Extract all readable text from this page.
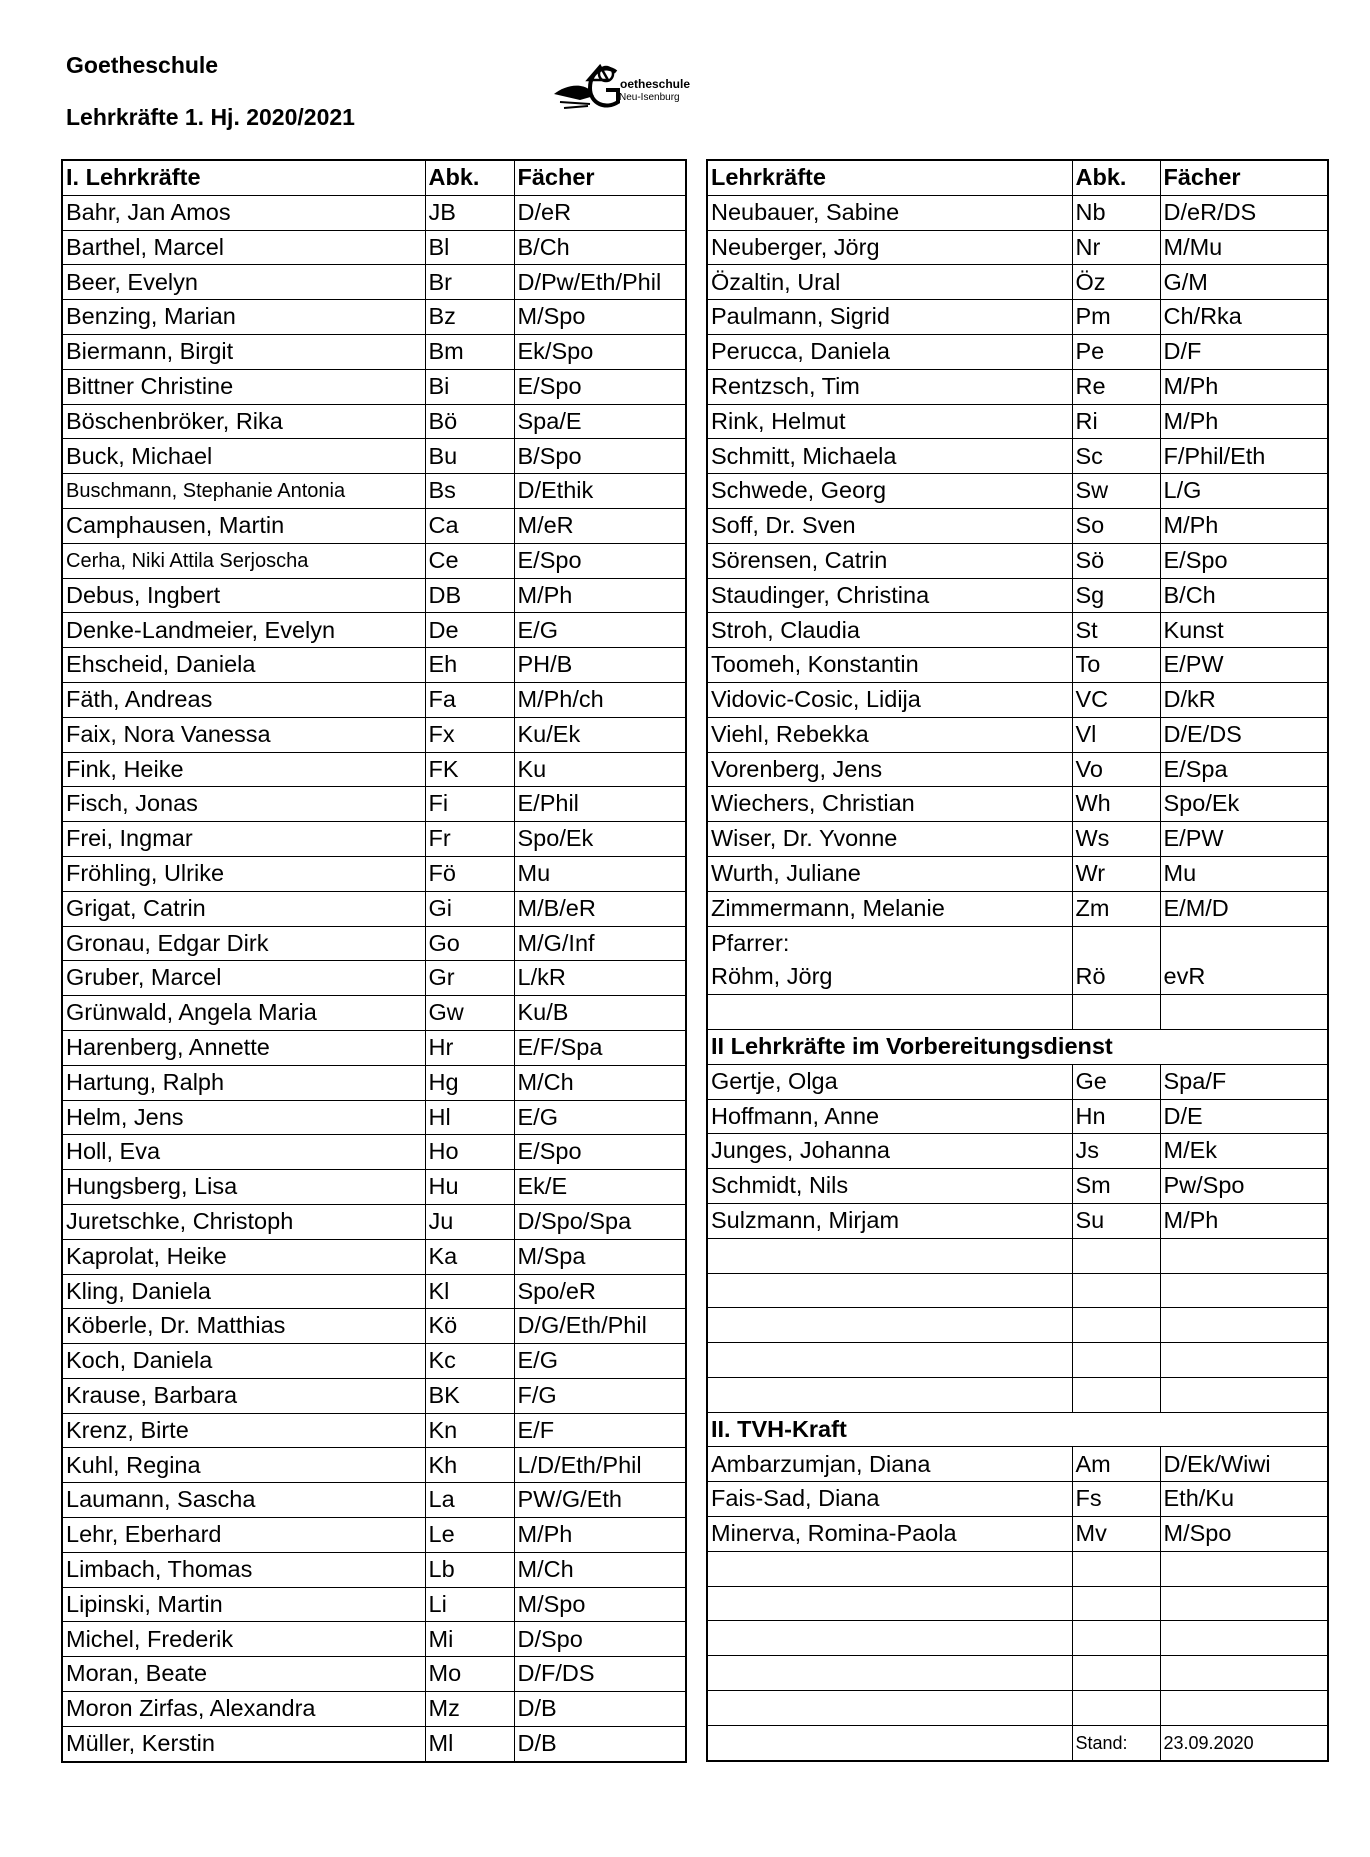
Goetheschule
Lehrkräfte 1. Hj. 2020/2021
oetheschule
Neu-Isenburg
I. Lehrkräfte	Abk.	Fächer
Bahr, Jan Amos	JB	D/eR
Barthel, Marcel	Bl	B/Ch
Beer, Evelyn	Br	D/Pw/Eth/Phil
Benzing, Marian	Bz	M/Spo
Biermann, Birgit	Bm	Ek/Spo
Bittner Christine	Bi	E/Spo
Böschenbröker, Rika	Bö	Spa/E
Buck, Michael	Bu	B/Spo
Buschmann, Stephanie Antonia	Bs	D/Ethik
Camphausen, Martin	Ca	M/eR
Cerha, Niki Attila Serjoscha	Ce	E/Spo
Debus, Ingbert	DB	M/Ph
Denke-Landmeier, Evelyn	De	E/G
Ehscheid, Daniela	Eh	PH/B
Fäth, Andreas	Fa	M/Ph/ch
Faix, Nora Vanessa	Fx	Ku/Ek
Fink, Heike	FK	Ku
Fisch, Jonas	Fi	E/Phil
Frei, Ingmar	Fr	Spo/Ek
Fröhling, Ulrike	Fö	Mu
Grigat, Catrin	Gi	M/B/eR
Gronau, Edgar Dirk	Go	M/G/Inf
Gruber, Marcel	Gr	L/kR
Grünwald, Angela Maria	Gw	Ku/B
Harenberg, Annette	Hr	E/F/Spa
Hartung, Ralph	Hg	M/Ch
Helm, Jens	Hl	E/G
Holl, Eva	Ho	E/Spo
Hungsberg, Lisa	Hu	Ek/E
Juretschke, Christoph	Ju	D/Spo/Spa
Kaprolat, Heike	Ka	M/Spa
Kling, Daniela	Kl	Spo/eR
Köberle, Dr. Matthias	Kö	D/G/Eth/Phil
Koch, Daniela	Kc	E/G
Krause, Barbara	BK	F/G
Krenz, Birte	Kn	E/F
Kuhl, Regina	Kh	L/D/Eth/Phil
Laumann, Sascha	La	PW/G/Eth
Lehr, Eberhard	Le	M/Ph
Limbach, Thomas	Lb	M/Ch
Lipinski, Martin	Li	M/Spo
Michel, Frederik	Mi	D/Spo
Moran, Beate	Mo	D/F/DS
Moron Zirfas, Alexandra	Mz	D/B
Müller, Kerstin	Ml	D/B
Lehrkräfte	Abk.	Fächer
Neubauer, Sabine	Nb	D/eR/DS
Neuberger, Jörg	Nr	M/Mu
Özaltin, Ural	Öz	G/M
Paulmann, Sigrid	Pm	Ch/Rka
Perucca, Daniela	Pe	D/F
Rentzsch, Tim	Re	M/Ph
Rink, Helmut	Ri	M/Ph
Schmitt, Michaela	Sc	F/Phil/Eth
Schwede, Georg	Sw	L/G
Soff, Dr. Sven	So	M/Ph
Sörensen, Catrin	Sö	E/Spo
Staudinger, Christina	Sg	B/Ch
Stroh, Claudia	St	Kunst
Toomeh, Konstantin	To	E/PW
Vidovic-Cosic, Lidija	VC	D/kR
Viehl, Rebekka	Vl	D/E/DS
Vorenberg, Jens	Vo	E/Spa
Wiechers, Christian	Wh	Spo/Ek
Wiser, Dr. Yvonne	Ws	E/PW
Wurth, Juliane	Wr	Mu
Zimmermann, Melanie	Zm	E/M/D
Pfarrer:		
Röhm, Jörg	Rö	evR

II Lehrkräfte im Vorbereitungsdienst		
Gertje, Olga	Ge	Spa/F
Hoffmann, Anne	Hn	D/E
Junges, Johanna	Js	M/Ek
Schmidt, Nils	Sm	Pw/Spo
Sulzmann, Mirjam	Su	M/Ph

II. TVH-Kraft		
Ambarzumjan, Diana	Am	D/Ek/Wiwi
Fais-Sad, Diana	Fs	Eth/Ku
Minerva, Romina-Paola	Mv	M/Spo

	Stand:	23.09.2020
